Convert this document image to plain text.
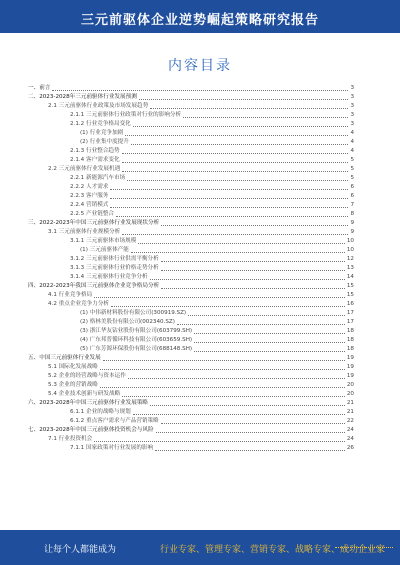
三元前驱体企业逆势崛起策略研究报告
内容目录
一、前言	3
二、2023-2028年三元前驱体行业发展预测	3
2.1 三元前驱体行业政策及市场发展趋势	3
2.1.1 三元前驱体行业政策对行业的影响分析	3
2.1.2 行业竞争格局变化	3
(1) 行业竞争加剧	4
(2) 行业集中度提升	4
2.1.3 行业整合趋势	4
2.1.4 客户需求变化	5
2.2 三元前驱体行业发展机遇	5
2.2.1 新能源汽车市场	5
2.2.2 人才需求	6
2.2.3 客户服务	6
2.2.4 营销模式	7
2.2.5 产业链整合	8
三、2022-2023年中国三元前驱体行业发展现状分析	9
3.1 三元前驱体行业规模分析	9
3.1.1 三元前驱体市场规模	10
(1) 三元前驱体产能	10
3.1.2 三元前驱体行业供需平衡分析	12
3.1.3 三元前驱体行业价格走势分析	13
3.1.4 三元前驱体行业竞争分析	14
四、2022-2023年我国三元前驱体企业竞争格局分析	15
4.1 行业竞争格局	15
4.2 重点企业竞争力分析	16
(1) 中伟新材料股份有限公司(300919.SZ)	17
(2) 格林美股份有限公司(002340.SZ)	17
(3) 浙江华友钴业股份有限公司(603799.SH)	18
(4) 广东邦普循环科技有限公司(603659.SH)	18
(5) 广东芳源环保股份有限公司(688148.SH)	18
五、中国三元前驱体行业发展	19
5.1 国际化发展战略	19
5.2 企业的经营战略与资本运作	19
5.3 企业的营销战略	20
5.4 企业技术创新与研发战略	20
六、2023-2028年中国三元前驱体行业发展策略	21
6.1.1 企业的战略与规划	21
6.1.2 重点客户需求与产品营销策略	22
七、2023-2028年中国三元前驱体投资机会与风险	24
7.1 行业投资机会	24
7.1.1 国家政策对行业发展的影响	26
让每个人都能成为	行业专家、管理专家、营销专家、战略专家、成功企业家
